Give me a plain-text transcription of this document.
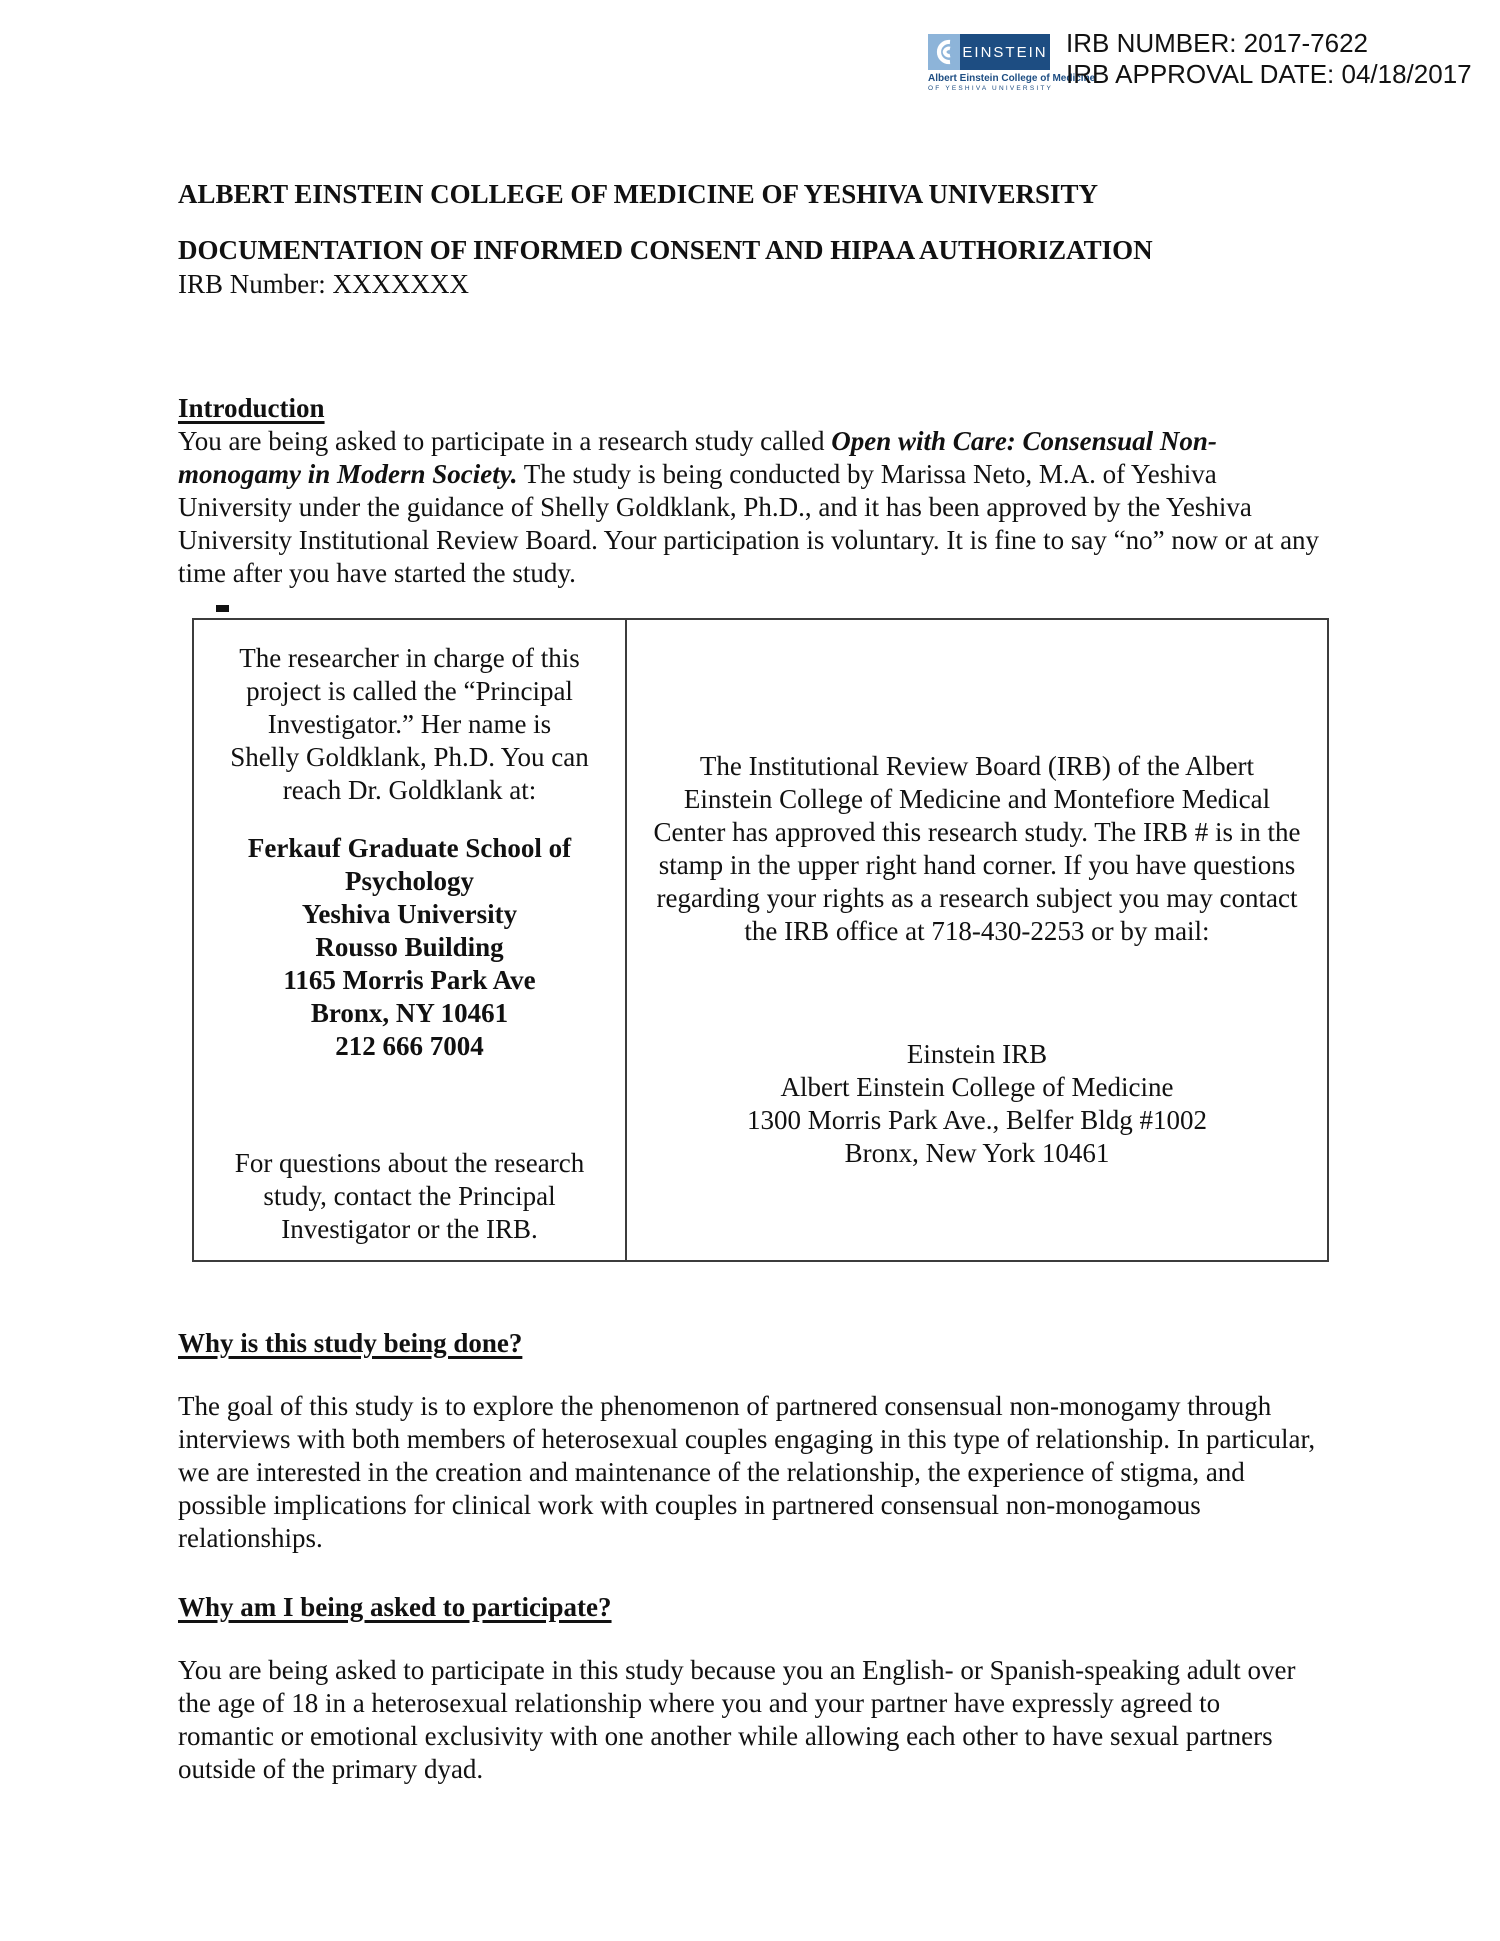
EINSTEIN
Albert Einstein College of Medicine
OF YESHIVA UNIVERSITY
IRB NUMBER: 2017-7622
IRB APPROVAL DATE: 04/18/2017
ALBERT EINSTEIN COLLEGE OF MEDICINE OF YESHIVA UNIVERSITY
DOCUMENTATION OF INFORMED CONSENT AND HIPAA AUTHORIZATION
IRB Number: XXXXXXX
Introduction

You are being asked to participate in a research study called Open with Care: Consensual Non-monogamy in Modern Society. The study is being conducted by Marissa Neto, M.A. of Yeshiva University under the guidance of Shelly Goldklank, Ph.D., and it has been approved by the Yeshiva University Institutional Review Board. Your participation is voluntary. It is fine to say “no” now or at any time after you have started the study.

The researcher in charge of this project is called the “Principal Investigator.” Her name is Shelly Goldklank, Ph.D. You can reach Dr. Goldklank at:

Ferkauf Graduate School of Psychology
Yeshiva University
Rousso Building
1165 Morris Park Ave
Bronx, NY 10461
212 666 7004

For questions about the research study, contact the Principal Investigator or the IRB.

The Institutional Review Board (IRB) of the Albert Einstein College of Medicine and Montefiore Medical Center has approved this research study. The IRB # is in the stamp in the upper right hand corner. If you have questions regarding your rights as a research subject you may contact the IRB office at 718-430-2253 or by mail:

Einstein IRB
Albert Einstein College of Medicine
1300 Morris Park Ave., Belfer Bldg #1002
Bronx, New York 10461
Why is this study being done?

The goal of this study is to explore the phenomenon of partnered consensual non-monogamy through interviews with both members of heterosexual couples engaging in this type of relationship. In particular, we are interested in the creation and maintenance of the relationship, the experience of stigma, and possible implications for clinical work with couples in partnered consensual non-monogamous relationships.

Why am I being asked to participate?

You are being asked to participate in this study because you an English- or Spanish-speaking adult over the age of 18 in a heterosexual relationship where you and your partner have expressly agreed to romantic or emotional exclusivity with one another while allowing each other to have sexual partners outside of the primary dyad.
